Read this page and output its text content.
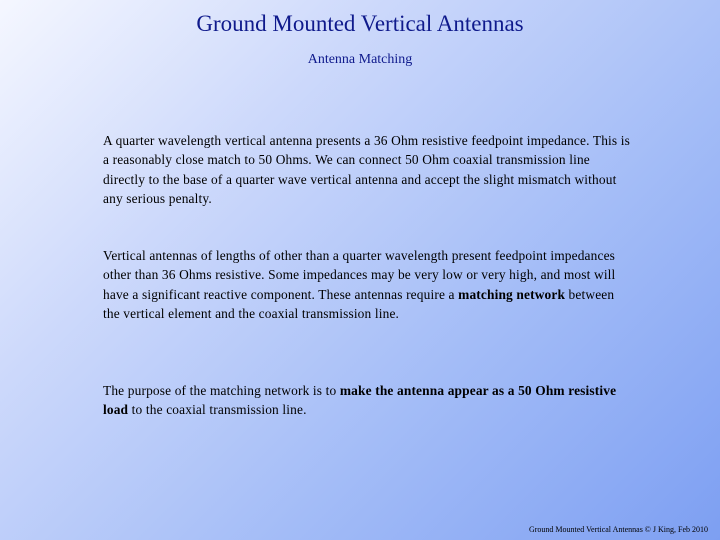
Ground Mounted Vertical Antennas
Antenna Matching

A quarter wavelength vertical antenna presents a 36 Ohm resistive feedpoint impedance. This is a reasonably close match to 50 Ohms. We can connect 50 Ohm coaxial transmission line directly to the base of a quarter wave vertical antenna and accept the slight mismatch without any serious penalty.

Vertical antennas of lengths of other than a quarter wavelength present feedpoint impedances other than 36 Ohms resistive. Some impedances may be very low or very high, and most will have a significant reactive component. These antennas require a matching network between the vertical element and the coaxial transmission line.

The purpose of the matching network is to make the antenna appear as a 50 Ohm resistive load to the coaxial transmission line.

Ground Mounted Vertical Antennas © J King, Feb 2010
